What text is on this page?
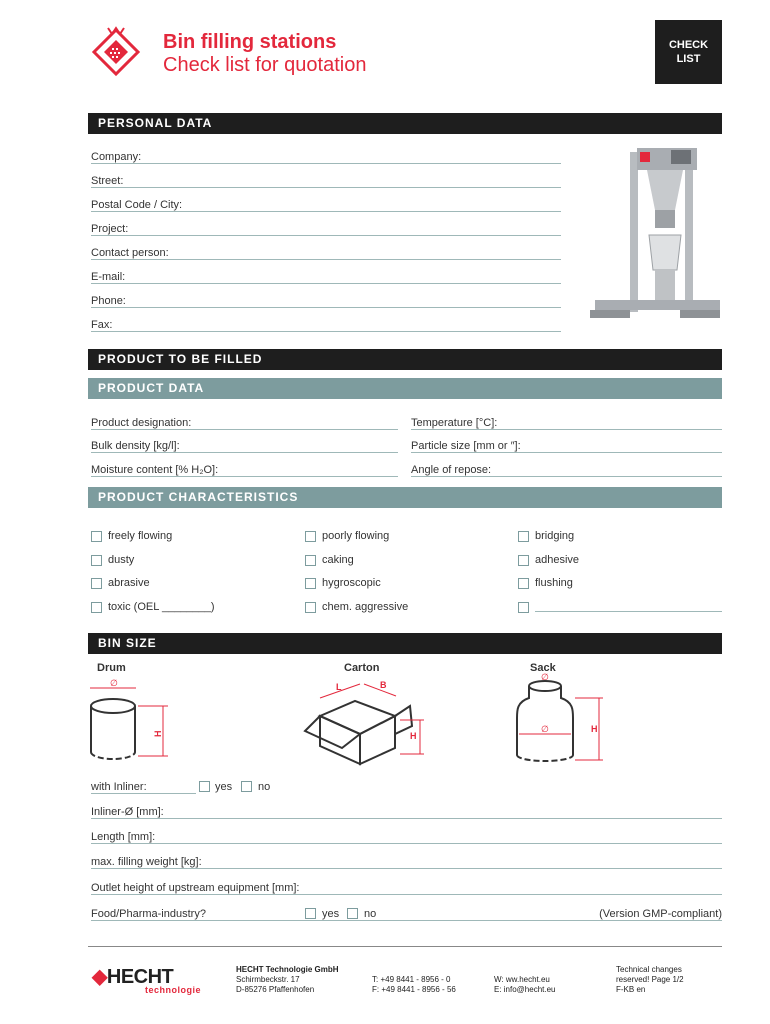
Bin filling stations
Check list for quotation
CHECK
LIST
PERSONAL DATA
Company:
Street:
Postal Code / City:
Project:
Contact person:
E-mail:
Phone:
Fax:
PRODUCT TO BE FILLED
PRODUCT DATA
Product designation:
Bulk density [kg/l]:
Moisture content [% H₂O]:
Temperature [°C]:
Particle size [mm or ″]:
Angle of repose:
PRODUCT CHARACTERISTICS
freely flowing
dusty
abrasive
toxic (OEL ________)
poorly flowing
caking
hygroscopic
chem. aggressive
bridging
adhesive
flushing
BIN SIZE
Drum	Carton	Sack
∅
H
L	B
H
∅
∅	H
with Inliner:	yes no
Inliner-Ø [mm]:
Length [mm]:
max. filling weight [kg]:
Outlet height of upstream equipment [mm]:
Food/Pharma-industry?	yes no	(Version GMP-compliant)
◆HECHT
technologie
HECHT Technologie GmbH
Schirmbeckstr. 17
D-85276 Pfaffenhofen
T: +49 8441 - 8956 - 0
F: +49 8441 - 8956 - 56
W: ww.hecht.eu
E: info@hecht.eu
Technical changes
reserved! Page 1/2
F-KB en
